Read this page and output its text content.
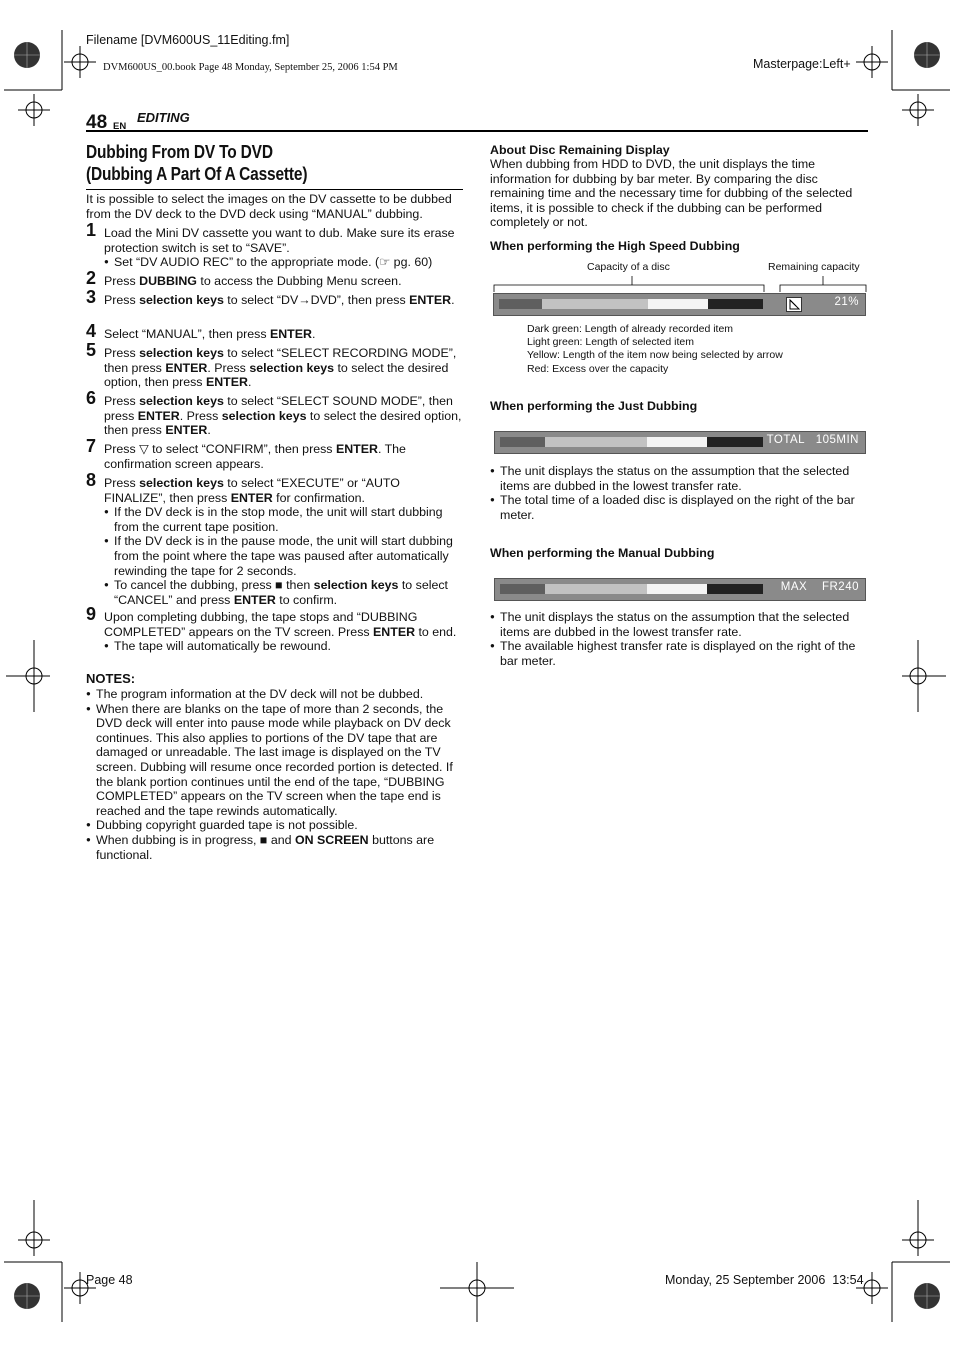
Filename [DVM600US_11Editing.fm]
DVM600US_00.book Page 48 Monday, September 25, 2006 1:54 PM	Masterpage:Left+
48 EN
EDITING
Dubbing From DV To DVD
(Dubbing A Part Of A Cassette)
It is possible to select the images on the DV cassette to be dubbed from the DV deck to the DVD deck using “MANUAL” dubbing.
1 Load the Mini DV cassette you want to dub. Make sure its erase protection switch is set to “SAVE”.
● Set “DV AUDIO REC” to the appropriate mode. (☞ pg. 60)
2 Press DUBBING to access the Dubbing Menu screen.
3 Press selection keys to select “DV→DVD”, then press ENTER.
4 Select “MANUAL”, then press ENTER.
5 Press selection keys to select “SELECT RECORDING MODE”, then press ENTER. Press selection keys to select the desired option, then press ENTER.
6 Press selection keys to select “SELECT SOUND MODE”, then press ENTER. Press selection keys to select the desired option, then press ENTER.
7 Press ▽ to select “CONFIRM”, then press ENTER. The confirmation screen appears.
8 Press selection keys to select “EXECUTE” or “AUTO FINALIZE”, then press ENTER for confirmation.
● If the DV deck is in the stop mode, the unit will start dubbing from the current tape position.
● If the DV deck is in the pause mode, the unit will start dubbing from the point where the tape was paused after automatically rewinding the tape for 2 seconds.
● To cancel the dubbing, press ■ then selection keys to select “CANCEL” and press ENTER to confirm.
9 Upon completing dubbing, the tape stops and “DUBBING COMPLETED” appears on the TV screen. Press ENTER to end.
● The tape will automatically be rewound.
NOTES:
● The program information at the DV deck will not be dubbed.
● When there are blanks on the tape of more than 2 seconds, the DVD deck will enter into pause mode while playback on DV deck continues. This also applies to portions of the DV tape that are damaged or unreadable. The last image is displayed on the TV screen. Dubbing will resume once recorded portion is detected. If the blank portion continues until the end of the tape, “DUBBING COMPLETED” appears on the TV screen when the tape end is reached and the tape rewinds automatically.
● Dubbing copyright guarded tape is not possible.
● When dubbing is in progress, ■ and ON SCREEN buttons are functional.
About Disc Remaining Display
When dubbing from HDD to DVD, the unit displays the time information for dubbing by bar meter. By comparing the disc remaining time and the necessary time for dubbing of the selected items, it is possible to check if the dubbing can be performed completely or not.
When performing the High Speed Dubbing
Capacity of a disc	Remaining capacity
21%
Dark green: Length of already recorded item
Light green: Length of selected item
Yellow: Length of the item now being selected by arrow
Red: Excess over the capacity
When performing the Just Dubbing
TOTAL   105MIN
● The unit displays the status on the assumption that the selected items are dubbed in the lowest transfer rate.
● The total time of a loaded disc is displayed on the right of the bar meter.
When performing the Manual Dubbing
MAX    FR240
● The unit displays the status on the assumption that the selected items are dubbed in the lowest transfer rate.
● The available highest transfer rate is displayed on the right of the bar meter.
Page 48	Monday, 25 September 2006  13:54
